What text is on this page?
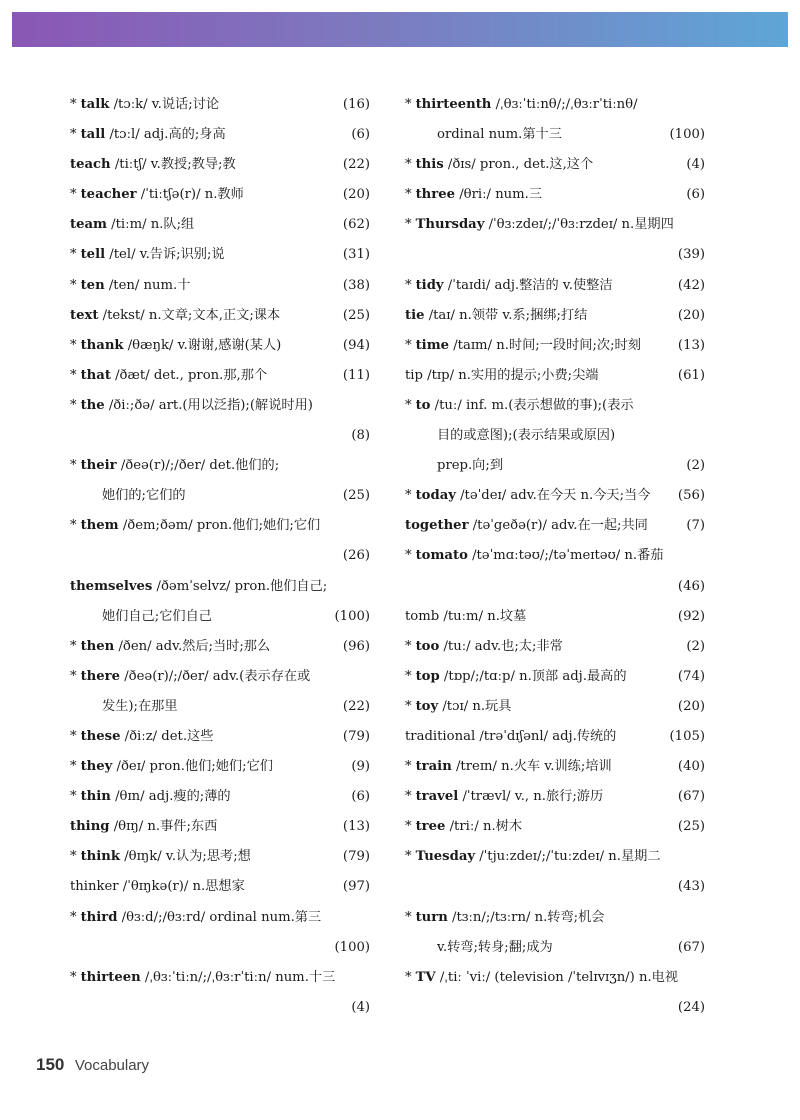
* talk /tɔːk/ v.说话;讨论	(16)
* tall /tɔːl/ adj.高的;身高	(6)
teach /tiːtʃ/ v.教授;教导;教	(22)
* teacher /ˈtiːtʃə(r)/ n.教师	(20)
team /tiːm/ n.队;组	(62)
* tell /tel/ v.告诉;识别;说	(31)
* ten /ten/ num.十	(38)
text /tekst/ n.文章;文本,正文;课本	(25)
* thank /θæŋk/ v.谢谢,感谢(某人)	(94)
* that /ðæt/ det., pron.那,那个	(11)
* the /ðiː;ðə/ art.(用以泛指);(解说时用)
(8)
* their /ðeə(r)/;/ðer/ det.他们的;
她们的;它们的	(25)
* them /ðem;ðəm/ pron.他们;她们;它们
(26)
themselves /ðəmˈselvz/ pron.他们自己;
她们自己;它们自己	(100)
* then /ðen/ adv.然后;当时;那么	(96)
* there /ðeə(r)/;/ðer/ adv.(表示存在或
发生);在那里	(22)
* these /ðiːz/ det.这些	(79)
* they /ðeɪ/ pron.他们;她们;它们	(9)
* thin /θɪn/ adj.瘦的;薄的	(6)
thing /θɪŋ/ n.事件;东西	(13)
* think /θɪŋk/ v.认为;思考;想	(79)
thinker /ˈθɪŋkə(r)/ n.思想家	(97)
* third /θɜːd/;/θɜːrd/ ordinal num.第三
(100)
* thirteen /ˌθɜːˈtiːn/;/ˌθɜːrˈtiːn/ num.十三
(4)
* thirteenth /ˌθɜːˈtiːnθ/;/ˌθɜːrˈtiːnθ/
ordinal num.第十三	(100)
* this /ðɪs/ pron., det.这,这个	(4)
* three /θriː/ num.三	(6)
* Thursday /ˈθɜːzdeɪ/;/ˈθɜːrzdeɪ/ n.星期四
(39)
* tidy /ˈtaɪdi/ adj.整洁的 v.使整洁	(42)
tie /taɪ/ n.领带 v.系;捆绑;打结	(20)
* time /taɪm/ n.时间;一段时间;次;时刻	(13)
tip /tɪp/ n.实用的提示;小费;尖端	(61)
* to /tuː/ inf. m.(表示想做的事);(表示
目的或意图);(表示结果或原因)
prep.向;到	(2)
* today /təˈdeɪ/ adv.在今天 n.今天;当今 (56)
together /təˈgeðə(r)/ adv.在一起;共同	(7)
* tomato /təˈmɑːtəʊ/;/təˈmeɪtəʊ/ n.番茄
(46)
tomb /tuːm/ n.坟墓	(92)
* too /tuː/ adv.也;太;非常	(2)
* top /tɒp/;/tɑːp/ n.顶部 adj.最高的	(74)
* toy /tɔɪ/ n.玩具	(20)
traditional /trəˈdɪʃənl/ adj.传统的	(105)
* train /treɪn/ n.火车 v.训练;培训	(40)
* travel /ˈtrævl/ v., n.旅行;游历	(67)
* tree /triː/ n.树木	(25)
* Tuesday /ˈtjuːzdeɪ/;/ˈtuːzdeɪ/ n.星期二
(43)
* turn /tɜːn/;/tɜːrn/ n.转弯;机会
v.转弯;转身;翻;成为	(67)
* TV /ˌtiː ˈviː/ (television /ˈtelɪvɪʒn/) n.电视
(24)
150 Vocabulary
